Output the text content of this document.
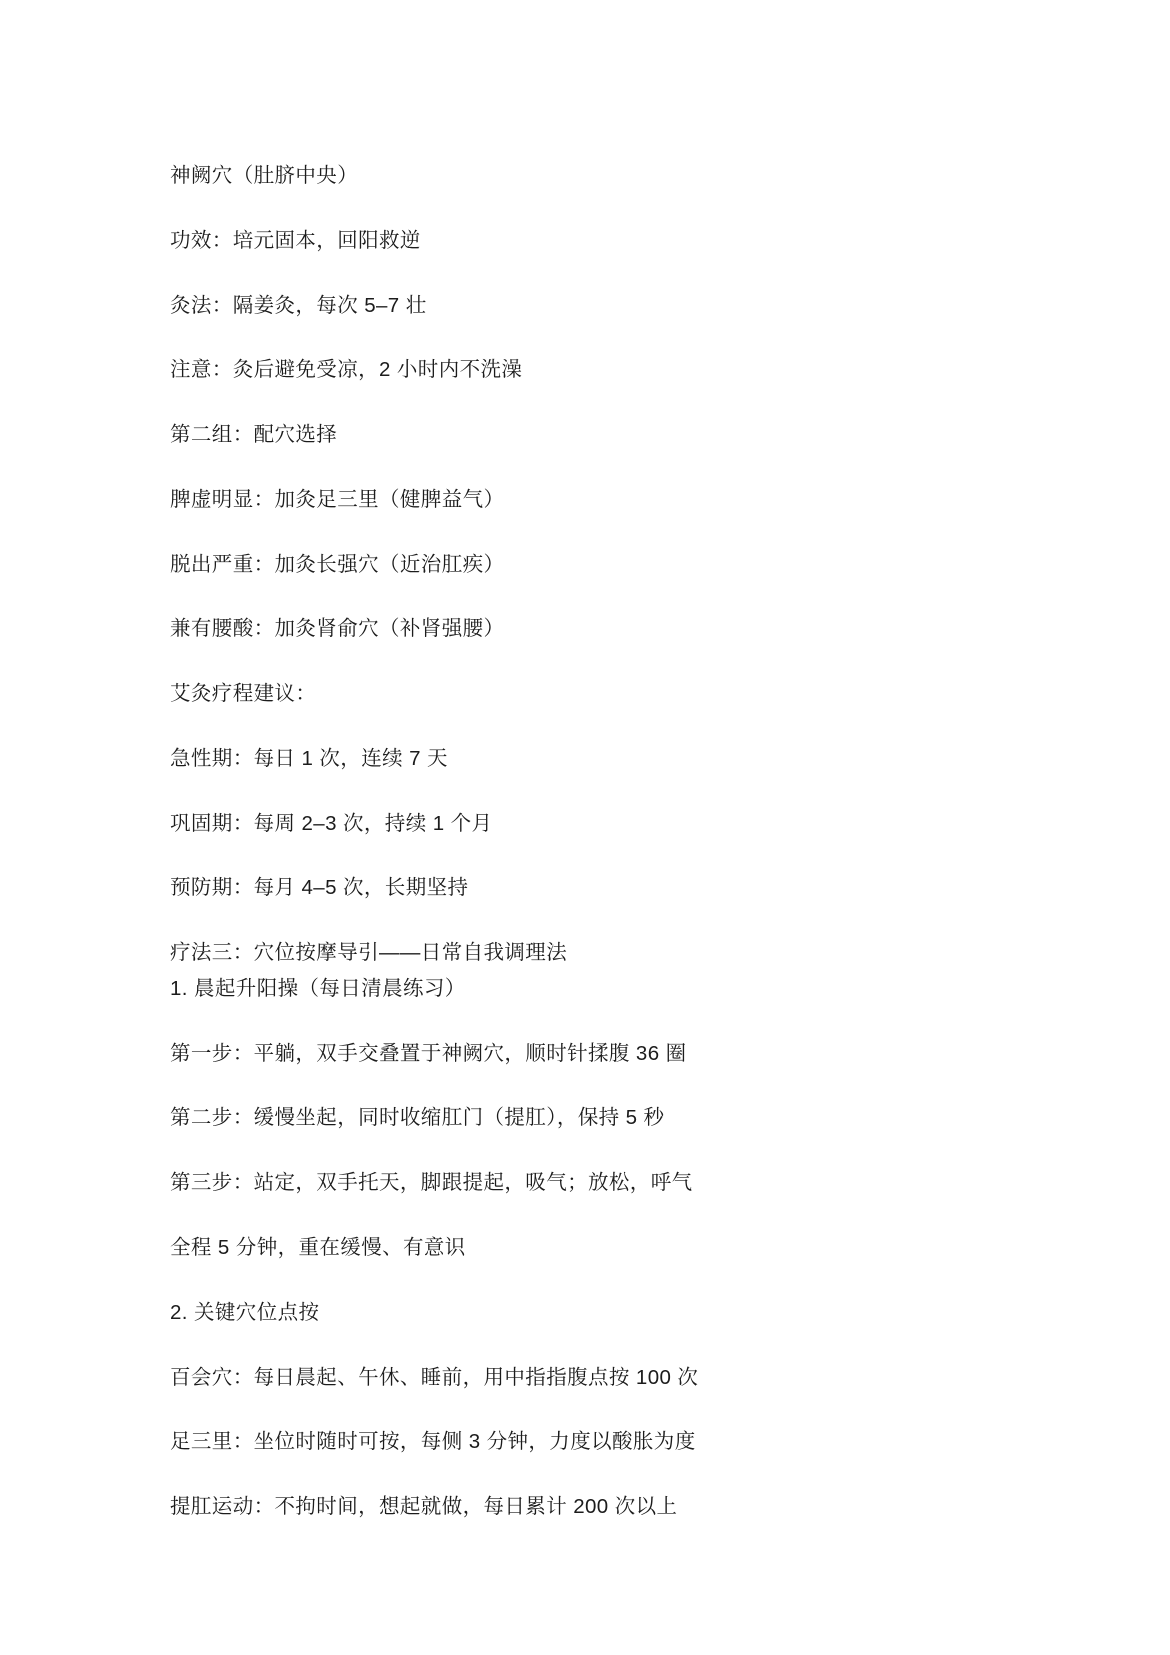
神阙穴（肚脐中央）

功效：培元固本，回阳救逆

灸法：隔姜灸，每次 5–7 壮

注意：灸后避免受凉，2 小时内不洗澡

第二组：配穴选择

脾虚明显：加灸足三里（健脾益气）

脱出严重：加灸长强穴（近治肛疾）

兼有腰酸：加灸肾俞穴（补肾强腰）

艾灸疗程建议：

急性期：每日 1 次，连续 7 天

巩固期：每周 2–3 次，持续 1 个月

预防期：每月 4–5 次，长期坚持

疗法三：穴位按摩导引——日常自我调理法

1. 晨起升阳操（每日清晨练习）

第一步：平躺，双手交叠置于神阙穴，顺时针揉腹 36 圈

第二步：缓慢坐起，同时收缩肛门（提肛），保持 5 秒

第三步：站定，双手托天，脚跟提起，吸气；放松，呼气

全程 5 分钟，重在缓慢、有意识

2. 关键穴位点按

百会穴：每日晨起、午休、睡前，用中指指腹点按 100 次

足三里：坐位时随时可按，每侧 3 分钟，力度以酸胀为度

提肛运动：不拘时间，想起就做，每日累计 200 次以上
